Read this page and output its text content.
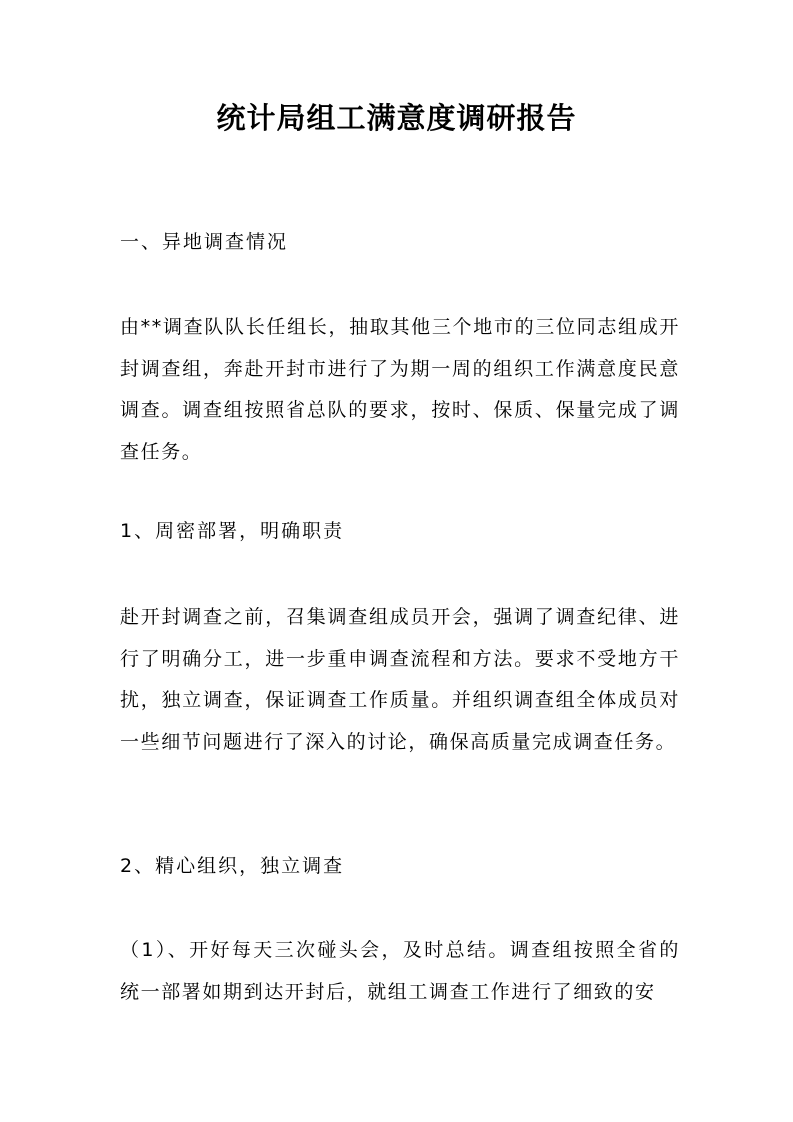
统计局组工满意度调研报告

一、异地调查情况

由**调查队队长任组长，抽取其他三个地市的三位同志组成开封调查组，奔赴开封市进行了为期一周的组织工作满意度民意调查。调查组按照省总队的要求，按时、保质、保量完成了调查任务。

1、周密部署，明确职责

赴开封调查之前，召集调查组成员开会，强调了调查纪律、进行了明确分工，进一步重申调查流程和方法。要求不受地方干扰，独立调查，保证调查工作质量。并组织调查组全体成员对一些细节问题进行了深入的讨论，确保高质量完成调查任务。

2、精心组织，独立调查

（1）、开好每天三次碰头会，及时总结。调查组按照全省的统一部署如期到达开封后，就组工调查工作进行了细致的安
